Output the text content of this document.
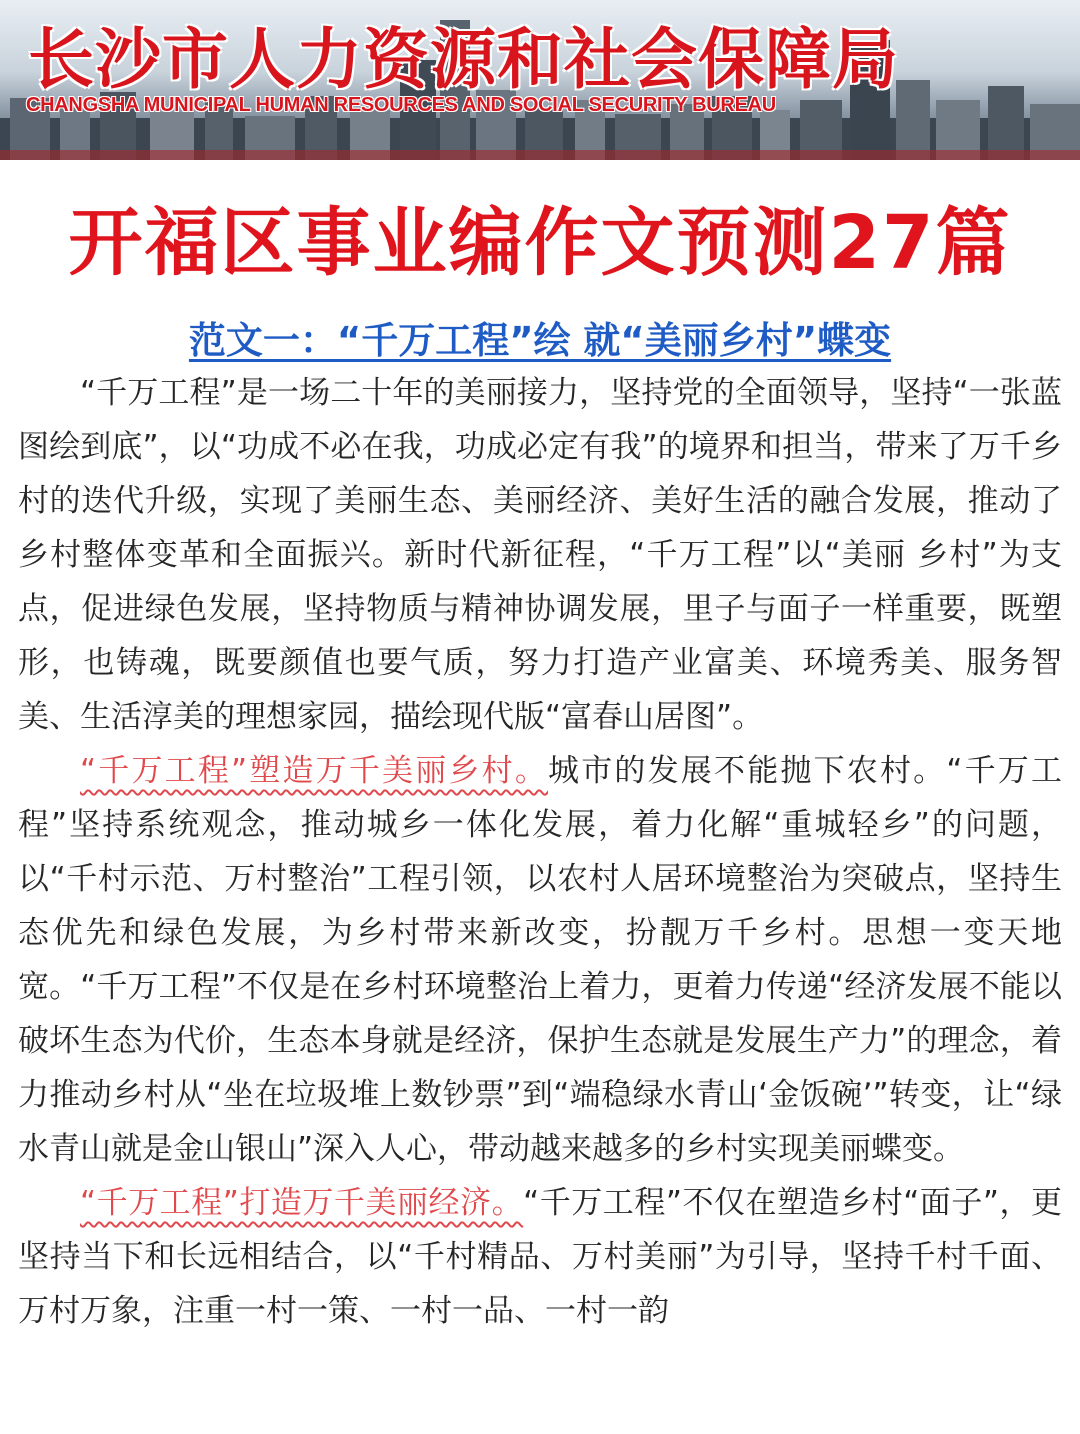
长沙市人力资源和社会保障局
CHANGSHA MUNICIPAL HUMAN RESOURCES AND SOCIAL SECURITY BUREAU
开福区事业编作文预测27篇
范文一：“千万工程”绘 就“美丽乡村”蝶变

“千万工程”是一场二十年的美丽接力，坚持党的全面领导，坚持“一张蓝图绘到底”，以“功成不必在我，功成必定有我”的境界和担当，带来了万千乡村的迭代升级，实现了美丽生态、美丽经济、美好生活的融合发展，推动了乡村整体变革和全面振兴。新时代新征程，“千万工程”以“美丽 乡村”为支点，促进绿色发展，坚持物质与精神协调发展，里子与面子一样重要，既塑形，也铸魂，既要颜值也要气质，努力打造产业富美、环境秀美、服务智美、生活淳美的理想家园，描绘现代版“富春山居图”。

“千万工程”塑造万千美丽乡村。城市的发展不能抛下农村。“千万工程”坚持系统观念，推动城乡一体化发展，着力化解“重城轻乡”的问题，以“千村示范、万村整治”工程引领，以农村人居环境整治为突破点，坚持生态优先和绿色发展，为乡村带来新改变，扮靓万千乡村。思想一变天地宽。“千万工程”不仅是在乡村环境整治上着力，更着力传递“经济发展不能以破坏生态为代价，生态本身就是经济，保护生态就是发展生产力”的理念，着力推动乡村从“坐在垃圾堆上数钞票”到“端稳绿水青山‘金饭碗’”转变，让“绿水青山就是金山银山”深入人心，带动越来越多的乡村实现美丽蝶变。

“千万工程”打造万千美丽经济。“千万工程”不仅在塑造乡村“面子”，更坚持当下和长远相结合，以“千村精品、万村美丽”为引导，坚持千村千面、万村万象，注重一村一策、一村一品、一村一韵
